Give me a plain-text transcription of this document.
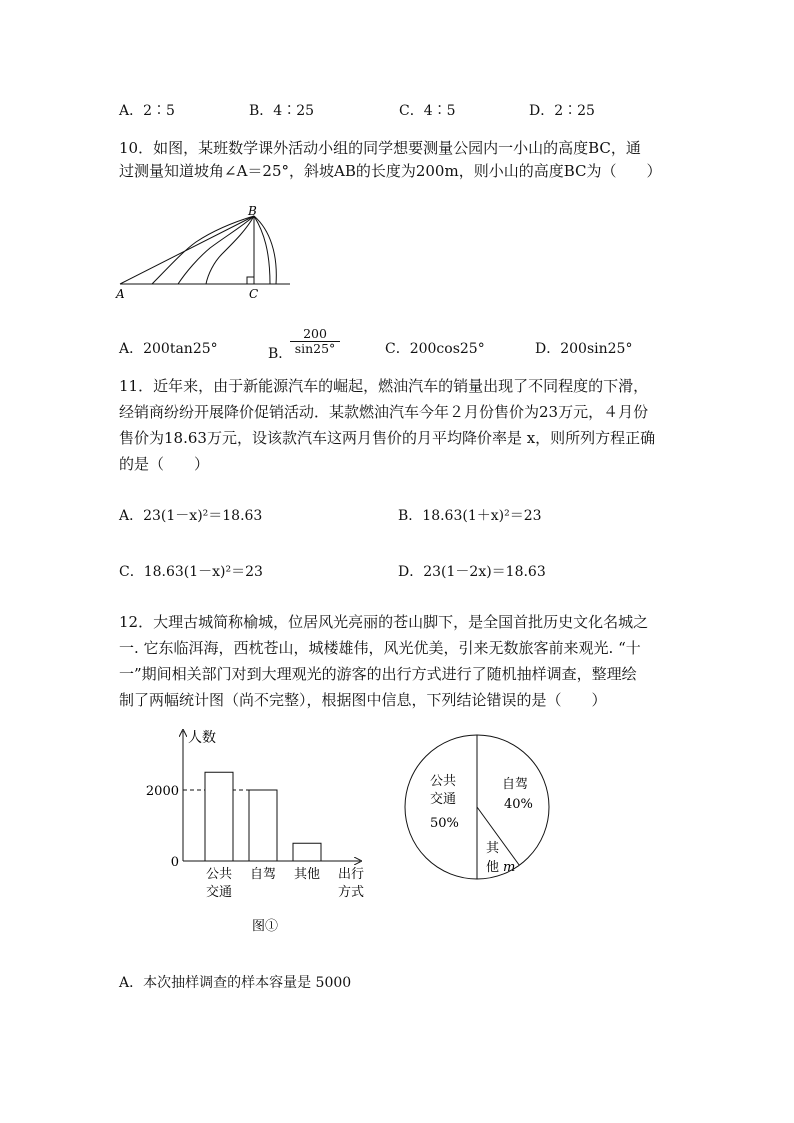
A．2∶5	B．4∶25	C．4∶5	D．2∶25
10．如图，某班数学课外活动小组的同学想要测量公园内一小山的高度BC，通
过测量知道坡角∠A＝25°，斜坡AB的长度为200m，则小山的高度BC为（　　）
A
B
C
A．200tan25°	B．
$\frac{200}{\sin 25^\circ}$	C．200cos25°	D．200sin25°
11．近年来，由于新能源汽车的崛起，燃油汽车的销量出现了不同程度的下滑，
经销商纷纷开展降价促销活动．某款燃油汽车今年２月份售价为23万元，４月份
售价为18.63万元，设该款汽车这两月售价的月平均降价率是 x，则所列方程正确
的是（　　）
A．23(1－x)²＝18.63	B．18.63(1＋x)²＝23
C．18.63(1－x)²＝23	D．23(1－2x)＝18.63
12．大理古城简称榆城，位居风光亮丽的苍山脚下，是全国首批历史文化名城之
一. 它东临洱海，西枕苍山，城楼雄伟，风光优美，引来无数旅客前来观光. “十
一”期间相关部门对到大理观光的游客的出行方式进行了随机抽样调查，整理绘
制了两幅统计图（尚不完整），根据图中信息，下列结论错误的是（　　）
人数
2000
0
公共
交通
自驾 其他 出行
方式
图①
公共
交通
50%
自驾
40%
其
他 m
A．本次抽样调查的样本容量是 5000
